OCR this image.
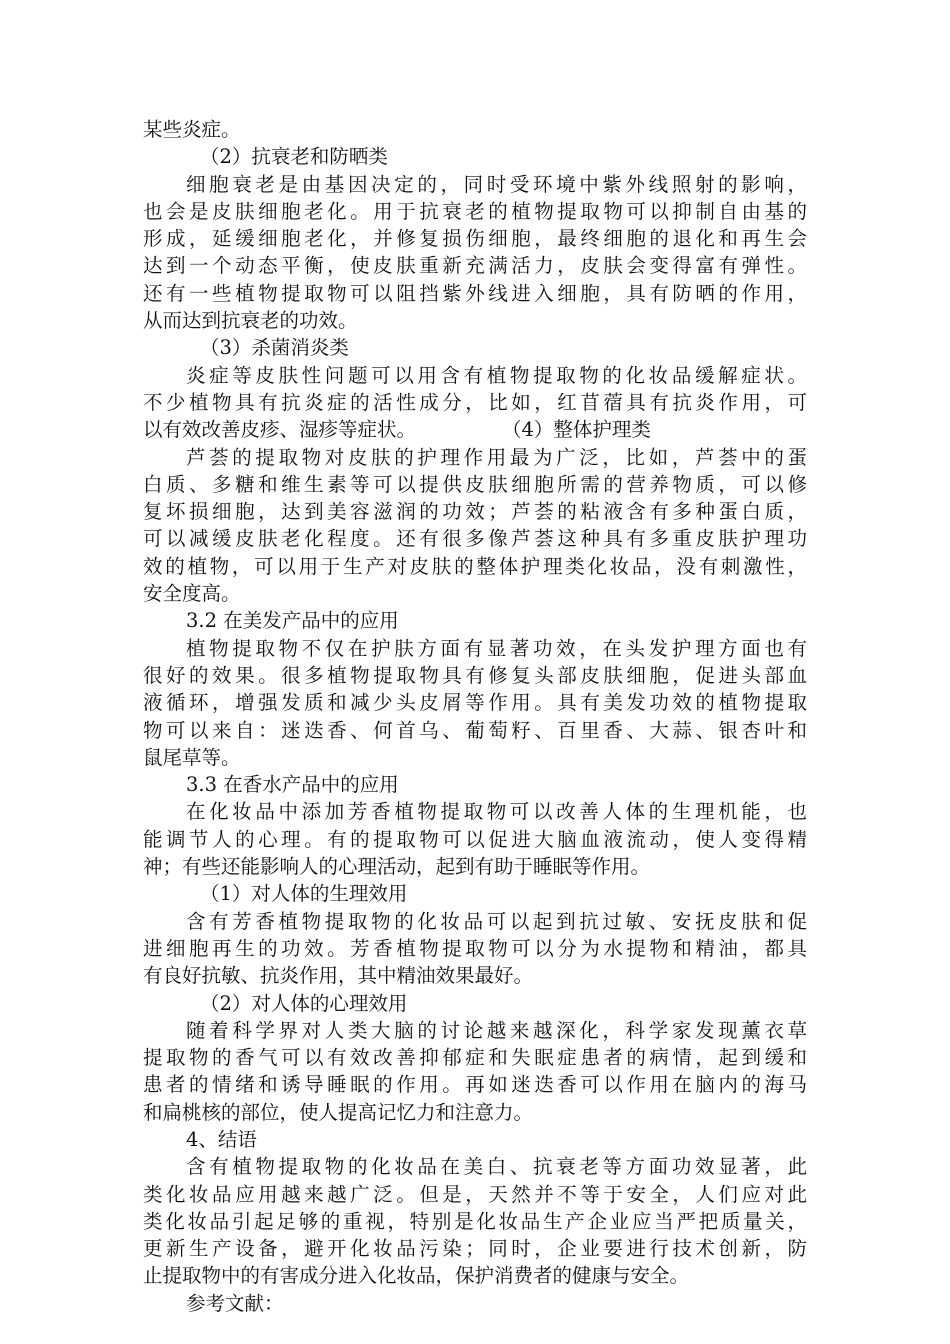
某些炎症。
（2）抗衰老和防晒类
细胞衰老是由基因决定的，同时受环境中紫外线照射的影响，
也会是皮肤细胞老化。用于抗衰老的植物提取物可以抑制自由基的
形成，延缓细胞老化，并修复损伤细胞，最终细胞的退化和再生会
达到一个动态平衡，使皮肤重新充满活力，皮肤会变得富有弹性。
还有一些植物提取物可以阻挡紫外线进入细胞，具有防晒的作用，
从而达到抗衰老的功效。
（3）杀菌消炎类
炎症等皮肤性问题可以用含有植物提取物的化妆品缓解症状。
不少植物具有抗炎症的活性成分，比如，红苜蓿具有抗炎作用，可
以有效改善皮疹、湿疹等症状。	（4）整体护理类
芦荟的提取物对皮肤的护理作用最为广泛，比如，芦荟中的蛋
白质、多糖和维生素等可以提供皮肤细胞所需的营养物质，可以修
复坏损细胞，达到美容滋润的功效；芦荟的粘液含有多种蛋白质，
可以减缓皮肤老化程度。还有很多像芦荟这种具有多重皮肤护理功
效的植物，可以用于生产对皮肤的整体护理类化妆品，没有刺激性，
安全度高。
3.2 在美发产品中的应用
植物提取物不仅在护肤方面有显著功效，在头发护理方面也有
很好的效果。很多植物提取物具有修复头部皮肤细胞，促进头部血
液循环，增强发质和减少头皮屑等作用。具有美发功效的植物提取
物可以来自：迷迭香、何首乌、葡萄籽、百里香、大蒜、银杏叶和
鼠尾草等。
3.3 在香水产品中的应用
在化妆品中添加芳香植物提取物可以改善人体的生理机能，也
能调节人的心理。有的提取物可以促进大脑血液流动，使人变得精
神；有些还能影响人的心理活动，起到有助于睡眠等作用。
（1）对人体的生理效用
含有芳香植物提取物的化妆品可以起到抗过敏、安抚皮肤和促
进细胞再生的功效。芳香植物提取物可以分为水提物和精油，都具
有良好抗敏、抗炎作用，其中精油效果最好。
（2）对人体的心理效用
随着科学界对人类大脑的讨论越来越深化，科学家发现薰衣草
提取物的香气可以有效改善抑郁症和失眠症患者的病情，起到缓和
患者的情绪和诱导睡眠的作用。再如迷迭香可以作用在脑内的海马
和扁桃核的部位，使人提高记忆力和注意力。
4、结语
含有植物提取物的化妆品在美白、抗衰老等方面功效显著，此
类化妆品应用越来越广泛。但是，天然并不等于安全，人们应对此
类化妆品引起足够的重视，特别是化妆品生产企业应当严把质量关，
更新生产设备，避开化妆品污染；同时，企业要进行技术创新，防
止提取物中的有害成分进入化妆品，保护消费者的健康与安全。
参考文献：
